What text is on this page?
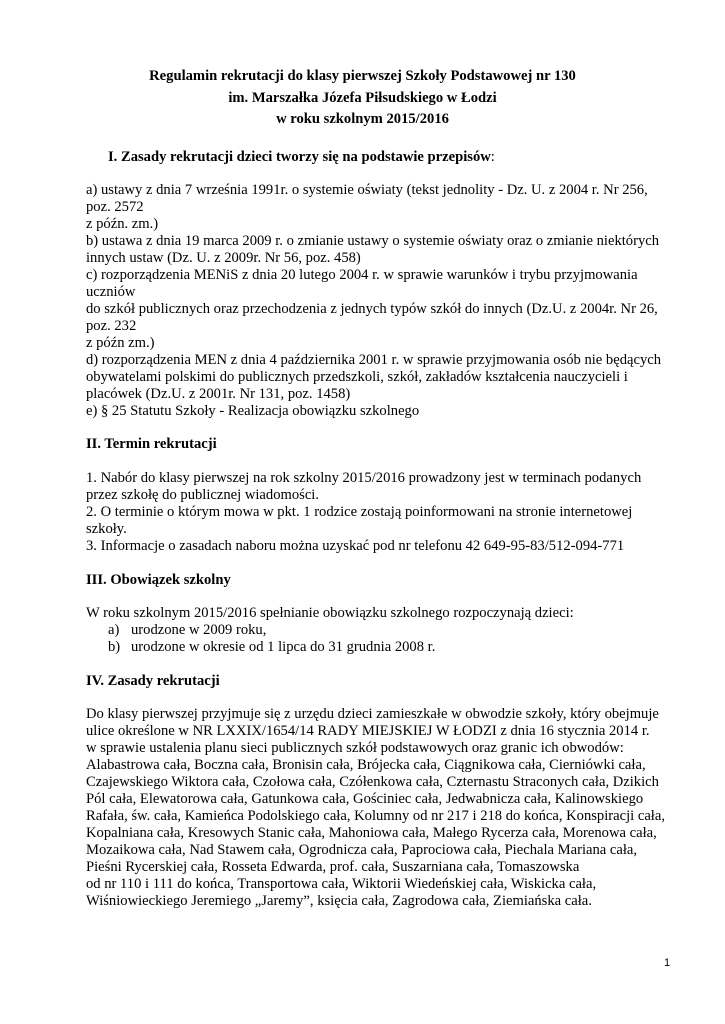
Regulamin rekrutacji do klasy pierwszej Szkoły Podstawowej nr 130
im. Marszałka Józefa Piłsudskiego w Łodzi
w roku szkolnym 2015/2016
I. Zasady rekrutacji dzieci tworzy się na podstawie przepisów:
a) ustawy z dnia 7 września 1991r. o systemie oświaty (tekst jednolity - Dz. U. z 2004 r. Nr 256,
poz. 2572
z późn. zm.)
b) ustawa z dnia 19 marca 2009 r. o zmianie ustawy o systemie oświaty oraz o zmianie niektórych
innych ustaw (Dz. U. z 2009r. Nr 56, poz. 458)
c) rozporządzenia MENiS z dnia 20 lutego 2004 r. w sprawie warunków i trybu przyjmowania
uczniów
do szkół publicznych oraz przechodzenia z jednych typów szkół do innych (Dz.U. z 2004r. Nr 26,
poz. 232
z późn zm.)
d) rozporządzenia MEN z dnia 4 października 2001 r. w sprawie przyjmowania osób nie będących
obywatelami polskimi do publicznych przedszkoli, szkół, zakładów kształcenia nauczycieli i
placówek (Dz.U. z 2001r. Nr 131, poz. 1458)
e) § 25 Statutu Szkoły - Realizacja obowiązku szkolnego
II. Termin rekrutacji
1. Nabór do klasy pierwszej na rok szkolny 2015/2016 prowadzony jest w terminach podanych
przez szkołę do publicznej wiadomości.
2. O terminie o którym mowa w pkt. 1 rodzice zostają poinformowani na stronie internetowej
szkoły.
3. Informacje o zasadach naboru można uzyskać pod nr telefonu 42 649-95-83/512-094-771
III. Obowiązek szkolny
W roku szkolnym 2015/2016 spełnianie obowiązku szkolnego rozpoczynają dzieci:
a) urodzone w 2009 roku,
b) urodzone w okresie od 1 lipca do 31 grudnia 2008 r.
IV. Zasady rekrutacji
Do klasy pierwszej przyjmuje się z urzędu dzieci zamieszkałe w obwodzie szkoły, który obejmuje
ulice określone w NR LXXIX/1654/14 RADY MIEJSKIEJ W ŁODZI z dnia 16 stycznia 2014 r.
w sprawie ustalenia planu sieci publicznych szkół podstawowych oraz granic ich obwodów:
Alabastrowa cała, Boczna cała, Bronisin cała, Brójecka cała, Ciągnikowa cała, Cierniówki cała,
Czajewskiego Wiktora cała, Czołowa cała, Czółenkowa cała, Czternastu Straconych cała, Dzikich
Pól cała, Elewatorowa cała, Gatunkowa cała, Gościniec cała, Jedwabnicza cała, Kalinowskiego
Rafała, św. cała, Kamieńca Podolskiego cała, Kolumny od nr 217 i 218 do końca, Konspiracji cała,
Kopalniana cała, Kresowych Stanic cała, Mahoniowa cała, Małego Rycerza cała, Morenowa cała,
Mozaikowa cała, Nad Stawem cała, Ogrodnicza cała, Paprociowa cała, Piechala Mariana cała,
Pieśni Rycerskiej cała, Rosseta Edwarda, prof. cała, Suszarniana cała, Tomaszowska
od nr 110 i 111 do końca, Transportowa cała, Wiktorii Wiedeńskiej cała, Wiskicka cała,
Wiśniowieckiego Jeremiego „Jaremy”, księcia cała, Zagrodowa cała, Ziemiańska cała.
1
